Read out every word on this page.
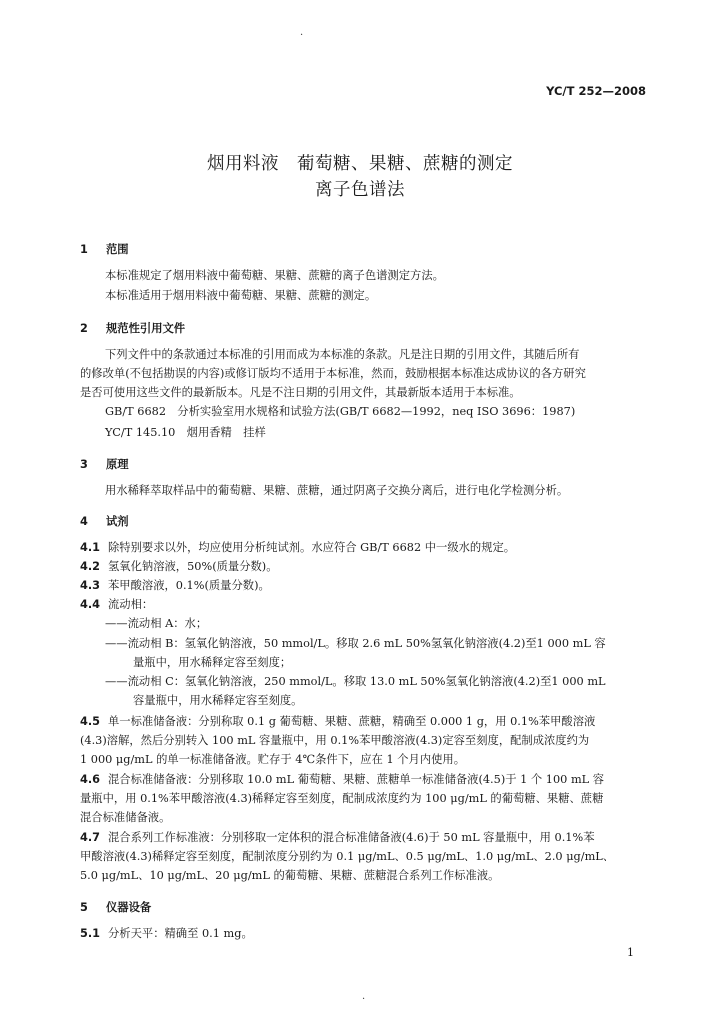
YC/T 252—2008
烟用料液　葡萄糖、果糖、蔗糖的测定
离子色谱法
1 范围
本标准规定了烟用料液中葡萄糖、果糖、蔗糖的离子色谱测定方法。
本标准适用于烟用料液中葡萄糖、果糖、蔗糖的测定。
2 规范性引用文件
下列文件中的条款通过本标准的引用而成为本标准的条款。凡是注日期的引用文件，其随后所有
的修改单(不包括勘误的内容)或修订版均不适用于本标准，然而，鼓励根据本标准达成协议的各方研究
是否可使用这些文件的最新版本。凡是不注日期的引用文件，其最新版本适用于本标准。
GB/T 6682　分析实验室用水规格和试验方法(GB/T 6682—1992，neq ISO 3696：1987)
YC/T 145.10　烟用香精　挂样
3 原理
用水稀释萃取样品中的葡萄糖、果糖、蔗糖，通过阴离子交换分离后，进行电化学检测分析。
4 试剂
4.1 除特别要求以外，均应使用分析纯试剂。水应符合 GB/T 6682 中一级水的规定。
4.2 氢氧化钠溶液，50%(质量分数)。
4.3 苯甲酸溶液，0.1%(质量分数)。
4.4 流动相：
——流动相 A：水；
——流动相 B：氢氧化钠溶液，50 mmol/L。移取 2.6 mL 50%氢氧化钠溶液(4.2)至1 000 mL 容
量瓶中，用水稀释定容至刻度；
——流动相 C：氢氧化钠溶液，250 mmol/L。移取 13.0 mL 50%氢氧化钠溶液(4.2)至1 000 mL
容量瓶中，用水稀释定容至刻度。
4.5 单一标准储备液：分别称取 0.1 g 葡萄糖、果糖、蔗糖，精确至 0.000 1 g，用 0.1%苯甲酸溶液
(4.3)溶解，然后分别转入 100 mL 容量瓶中，用 0.1%苯甲酸溶液(4.3)定容至刻度，配制成浓度约为
1 000 μg/mL 的单一标准储备液。贮存于 4℃条件下，应在 1 个月内使用。
4.6 混合标准储备液：分别移取 10.0 mL 葡萄糖、果糖、蔗糖单一标准储备液(4.5)于 1 个 100 mL 容
量瓶中，用 0.1%苯甲酸溶液(4.3)稀释定容至刻度，配制成浓度约为 100 μg/mL 的葡萄糖、果糖、蔗糖
混合标准储备液。
4.7 混合系列工作标准液：分别移取一定体积的混合标准储备液(4.6)于 50 mL 容量瓶中，用 0.1%苯
甲酸溶液(4.3)稀释定容至刻度，配制浓度分别约为 0.1 μg/mL、0.5 μg/mL、1.0 μg/mL、2.0 μg/mL、
5.0 μg/mL、10 μg/mL、20 μg/mL 的葡萄糖、果糖、蔗糖混合系列工作标准液。
5 仪器设备
5.1 分析天平：精确至 0.1 mg。
1
·
·
